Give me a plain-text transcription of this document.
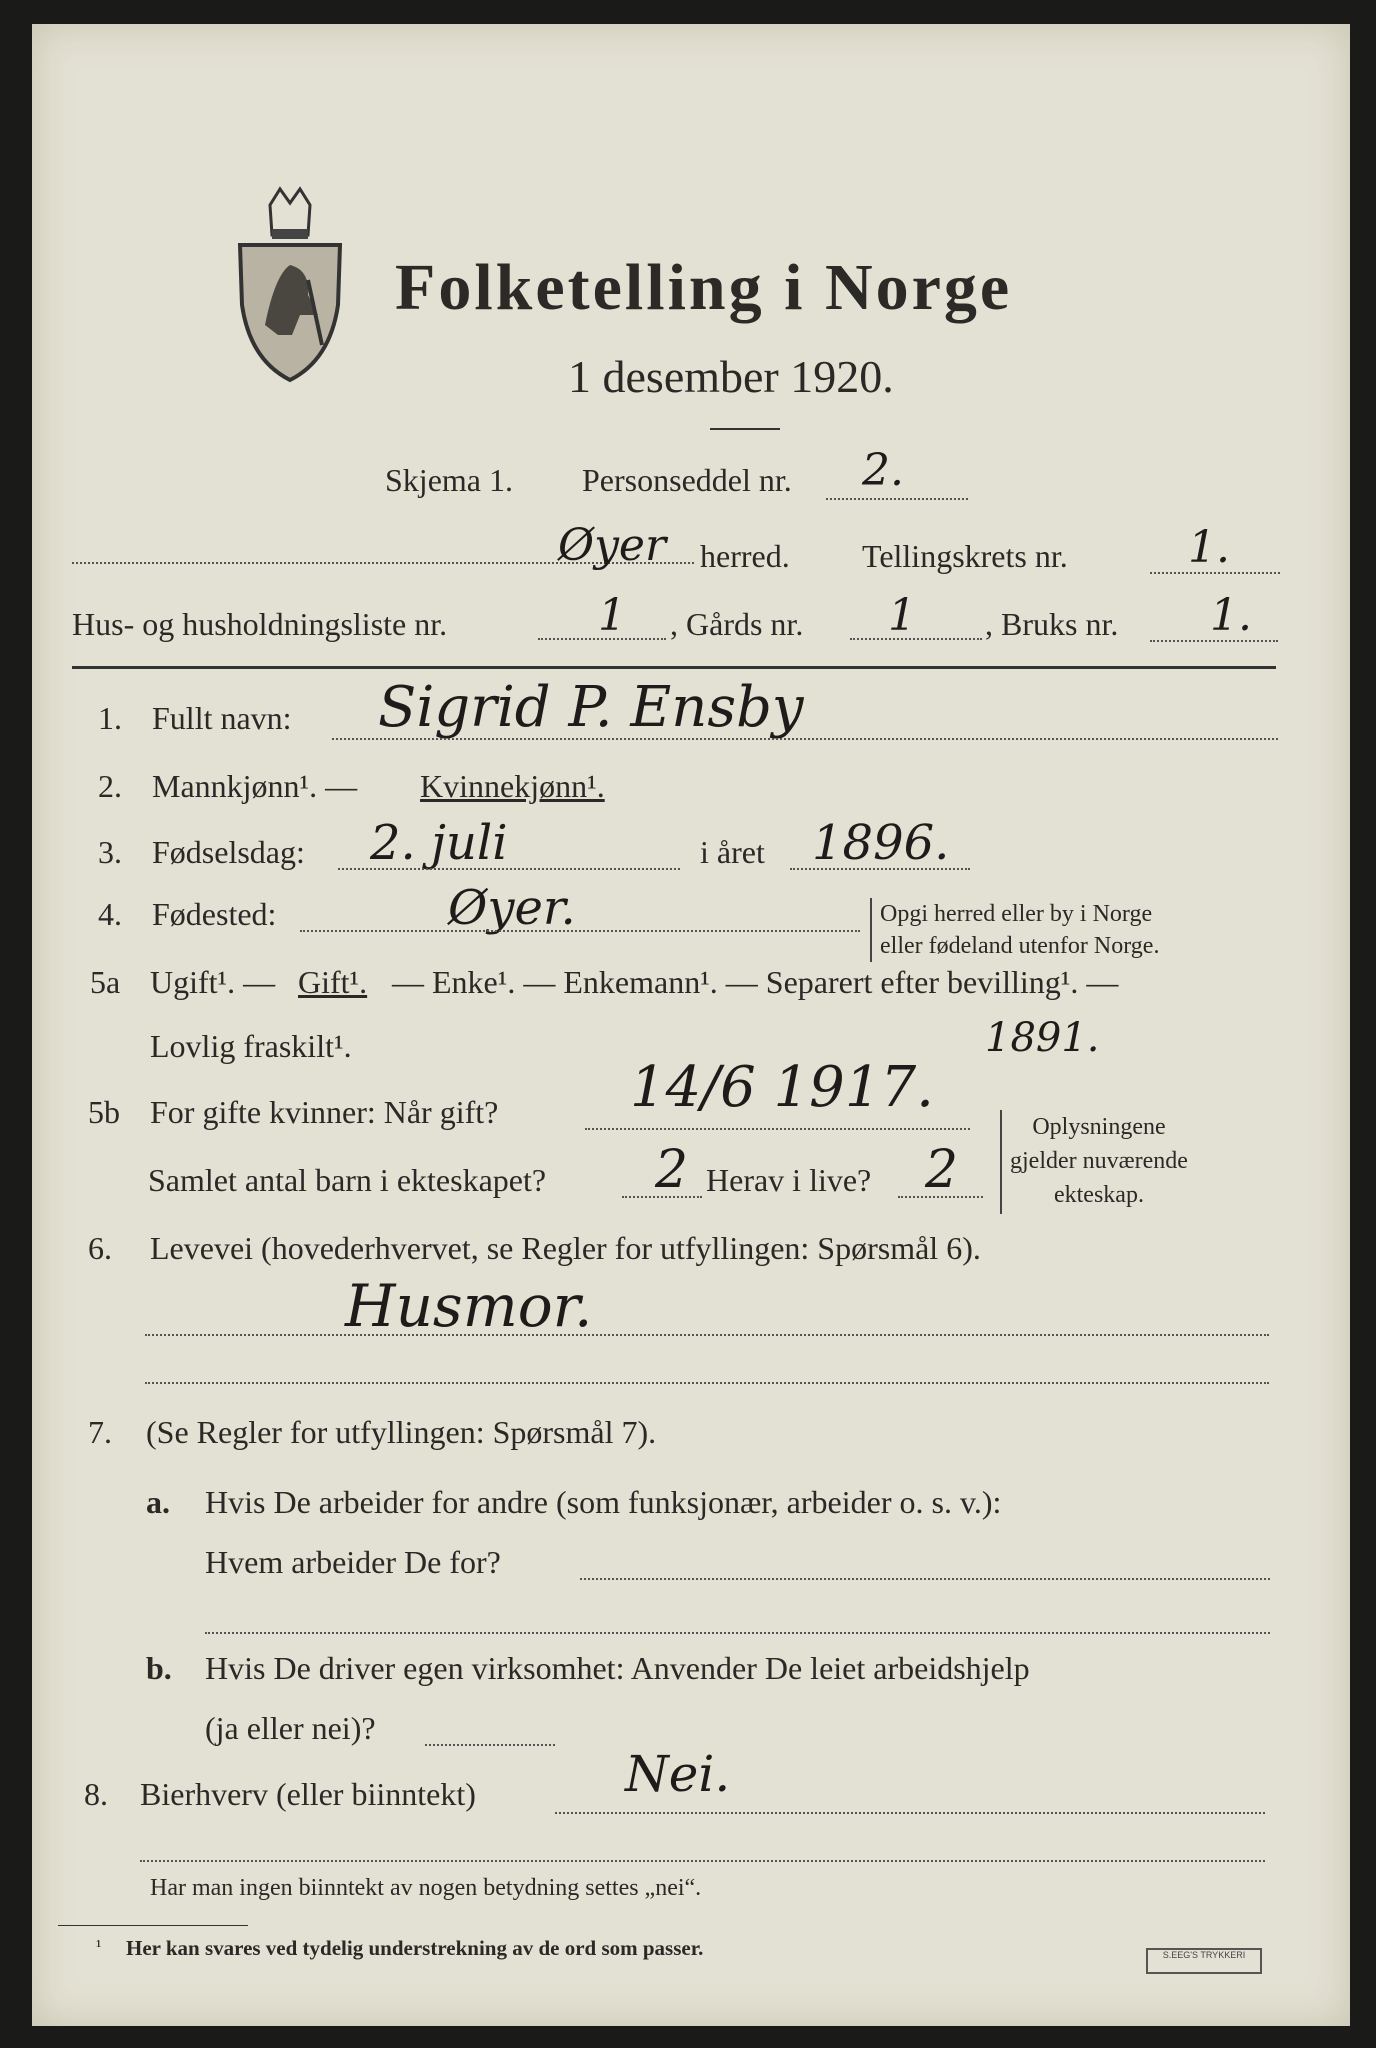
Folketelling i Norge
1 desember 1920.
Skjema 1. Personseddel nr. 2.
Øyer herred. Tellingskrets nr.	1.
Hus- og husholdningsliste nr.	1 , Gårds nr. 1 , Bruks nr. 1.
1. Fullt navn: Sigrid P. Ensby
2. Mannkjønn¹. — Kvinnekjønn¹.
3. Fødselsdag: 2. juli	i året 1896.
4. Fødested:	Øyer.	Opgi herred eller by i Norge
eller fødeland utenfor Norge.
5a Ugift¹. — Gift¹. — Enke¹. — Enkemann¹. — Separert efter bevilling¹. —
Lovlig fraskilt¹.	1891.
5b For gifte kvinner: Når gift? 14/6 1917.
Samlet antal barn i ekteskapet? 2 Herav i live? 2
Oplysningene
gjelder nuværende
ekteskap.
6. Levevei (hovederhvervet, se Regler for utfyllingen: Spørsmål 6).
Husmor.
7. (Se Regler for utfyllingen: Spørsmål 7).
a. Hvis De arbeider for andre (som funksjonær, arbeider o. s. v.):
Hvem arbeider De for?
b. Hvis De driver egen virksomhet: Anvender De leiet arbeidshjelp
(ja eller nei)?
8. Bierhverv (eller biinntekt)	Nei.
Har man ingen biinntekt av nogen betydning settes „nei“.
¹ Her kan svares ved tydelig understrekning av de ord som passer.	S.EEG'S TRYKKERI
